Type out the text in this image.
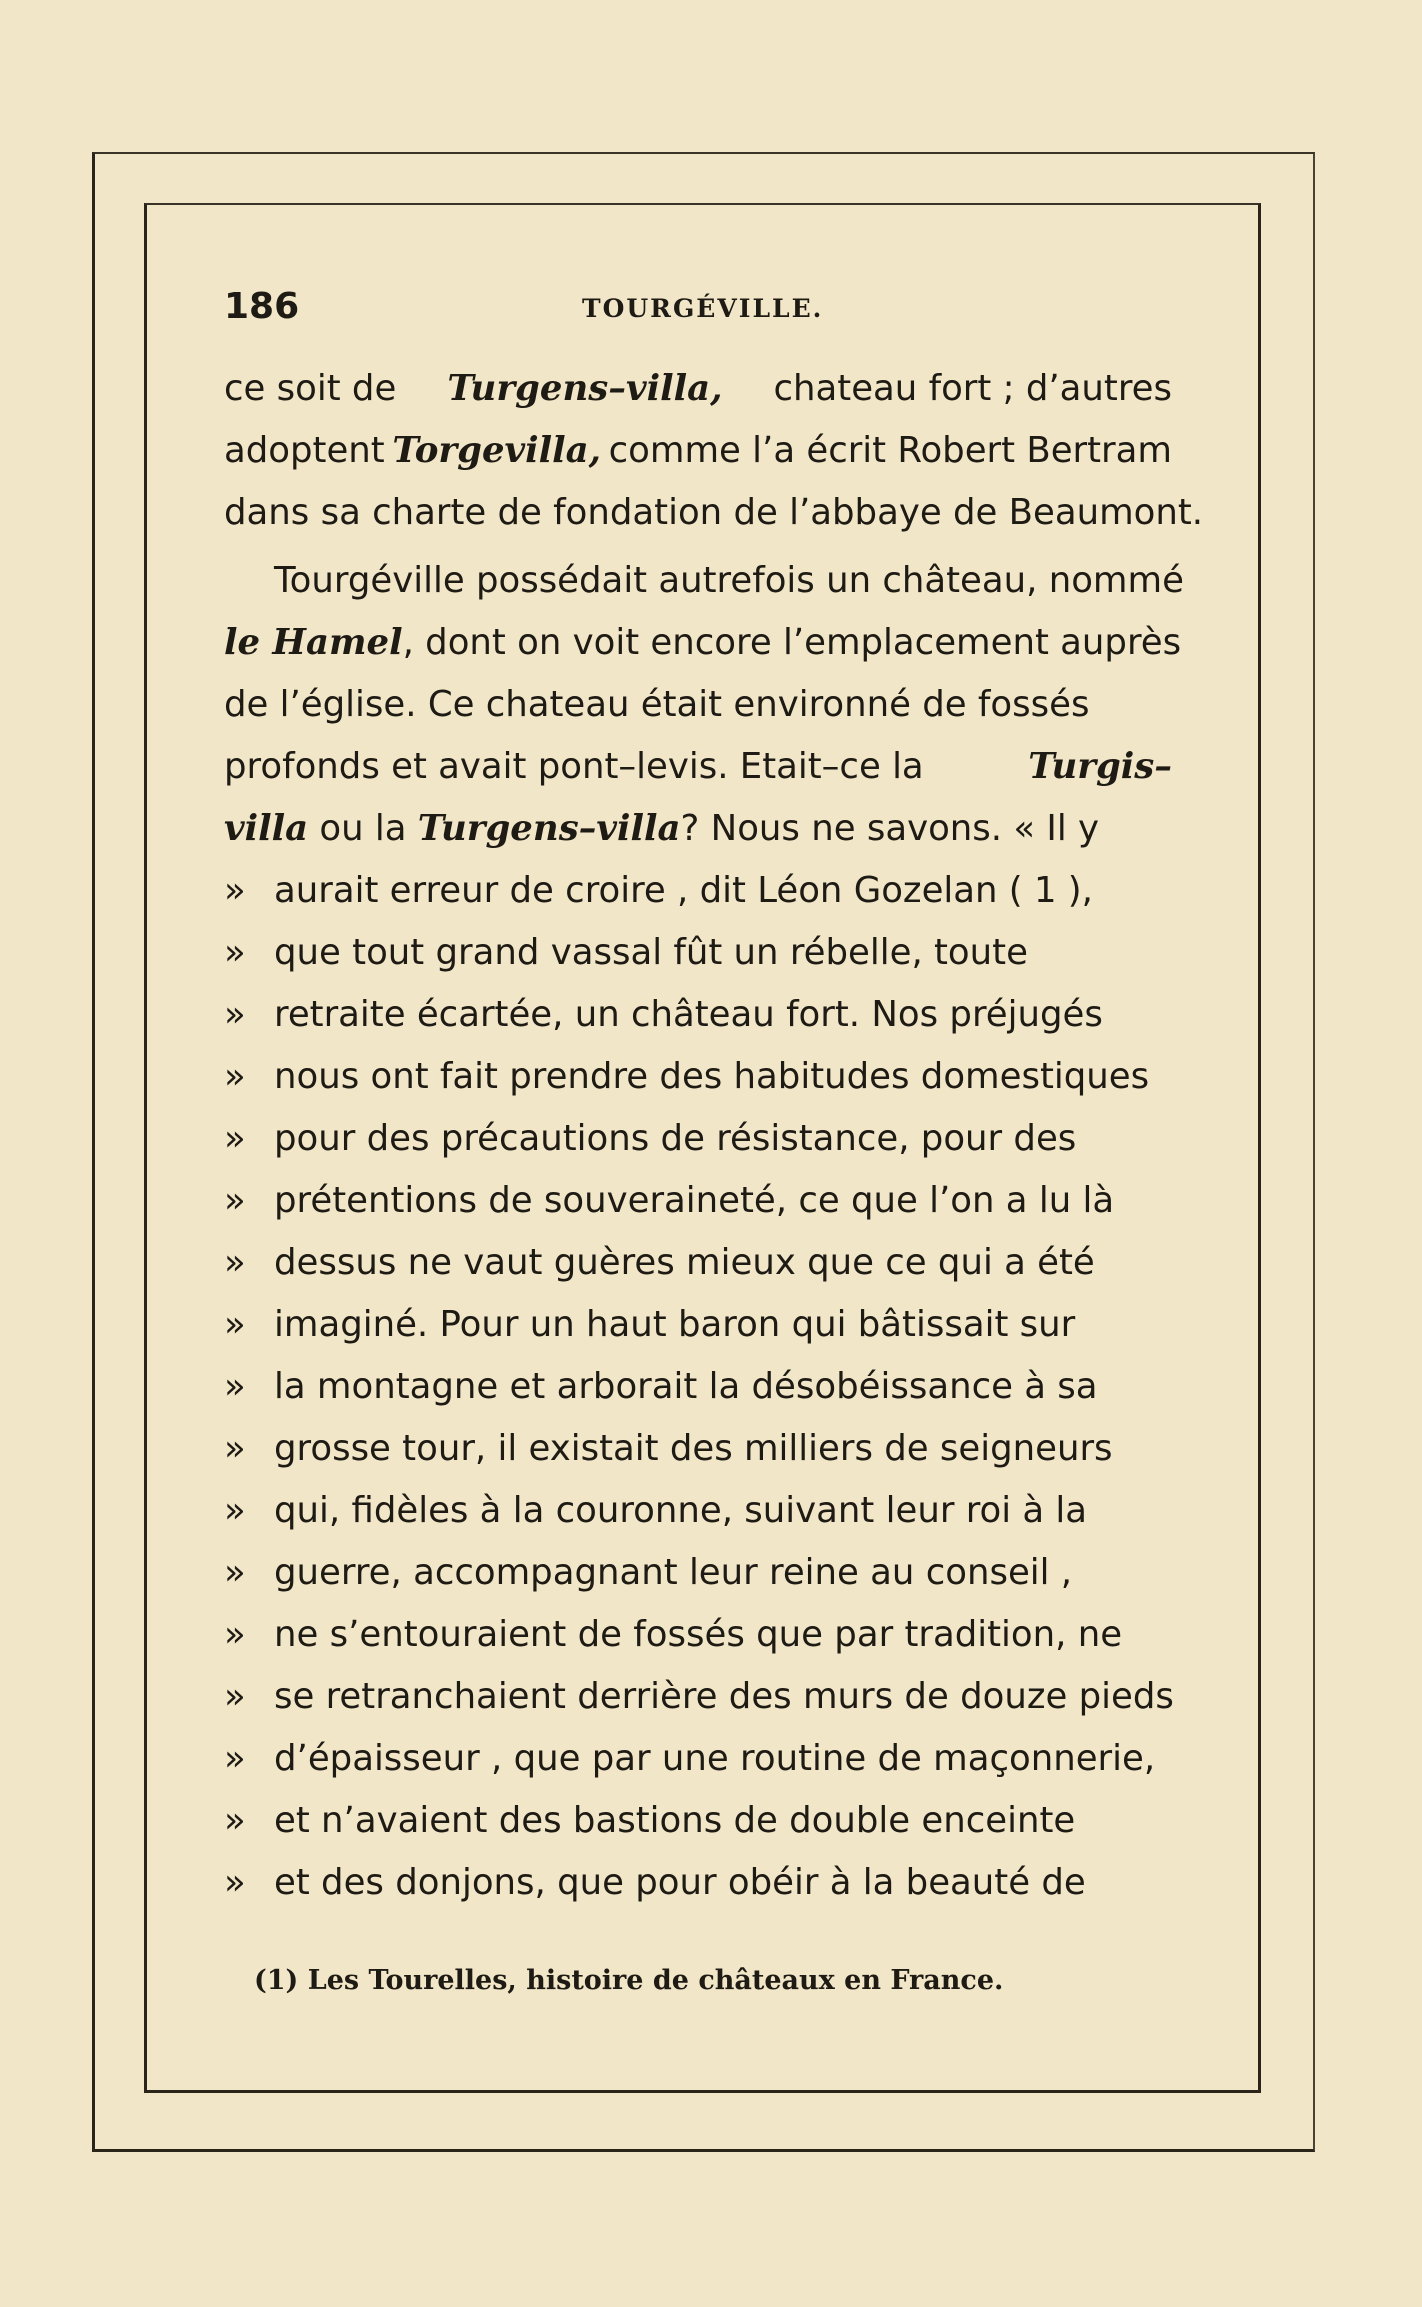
186	TOURGÉVILLE.
ce soit de Turgens–villa, chateau fort ; d’autres
adoptent Torgevilla, comme l’a écrit Robert Bertram
dans sa charte de fondation de l’abbaye de Beaumont.
Tourgéville possédait autrefois un château, nommé
le Hamel, dont on voit encore l’emplacement auprès
de l’église. Ce chateau était environné de fossés
profonds et avait pont–levis. Etait–ce la	Turgis–
villa ou la Turgens–villa? Nous ne savons. « Il y
» aurait erreur de croire , dit Léon Gozelan ( 1 ),
» que tout grand vassal fût un rébelle, toute
» retraite écartée, un château fort. Nos préjugés
» nous ont fait prendre des habitudes domestiques
» pour des précautions de résistance, pour des
» prétentions de souveraineté, ce que l’on a lu là
» dessus ne vaut guères mieux que ce qui a été
» imaginé. Pour un haut baron qui bâtissait sur
» la montagne et arborait la désobéissance à sa
» grosse tour, il existait des milliers de seigneurs
» qui, fidèles à la couronne, suivant leur roi à la
» guerre, accompagnant leur reine au conseil ,
» ne s’entouraient de fossés que par tradition, ne
» se retranchaient derrière des murs de douze pieds
» d’épaisseur , que par une routine de maçonnerie,
» et n’avaient des bastions de double enceinte
» et des donjons, que pour obéir à la beauté de
(1) Les Tourelles, histoire de châteaux en France.
